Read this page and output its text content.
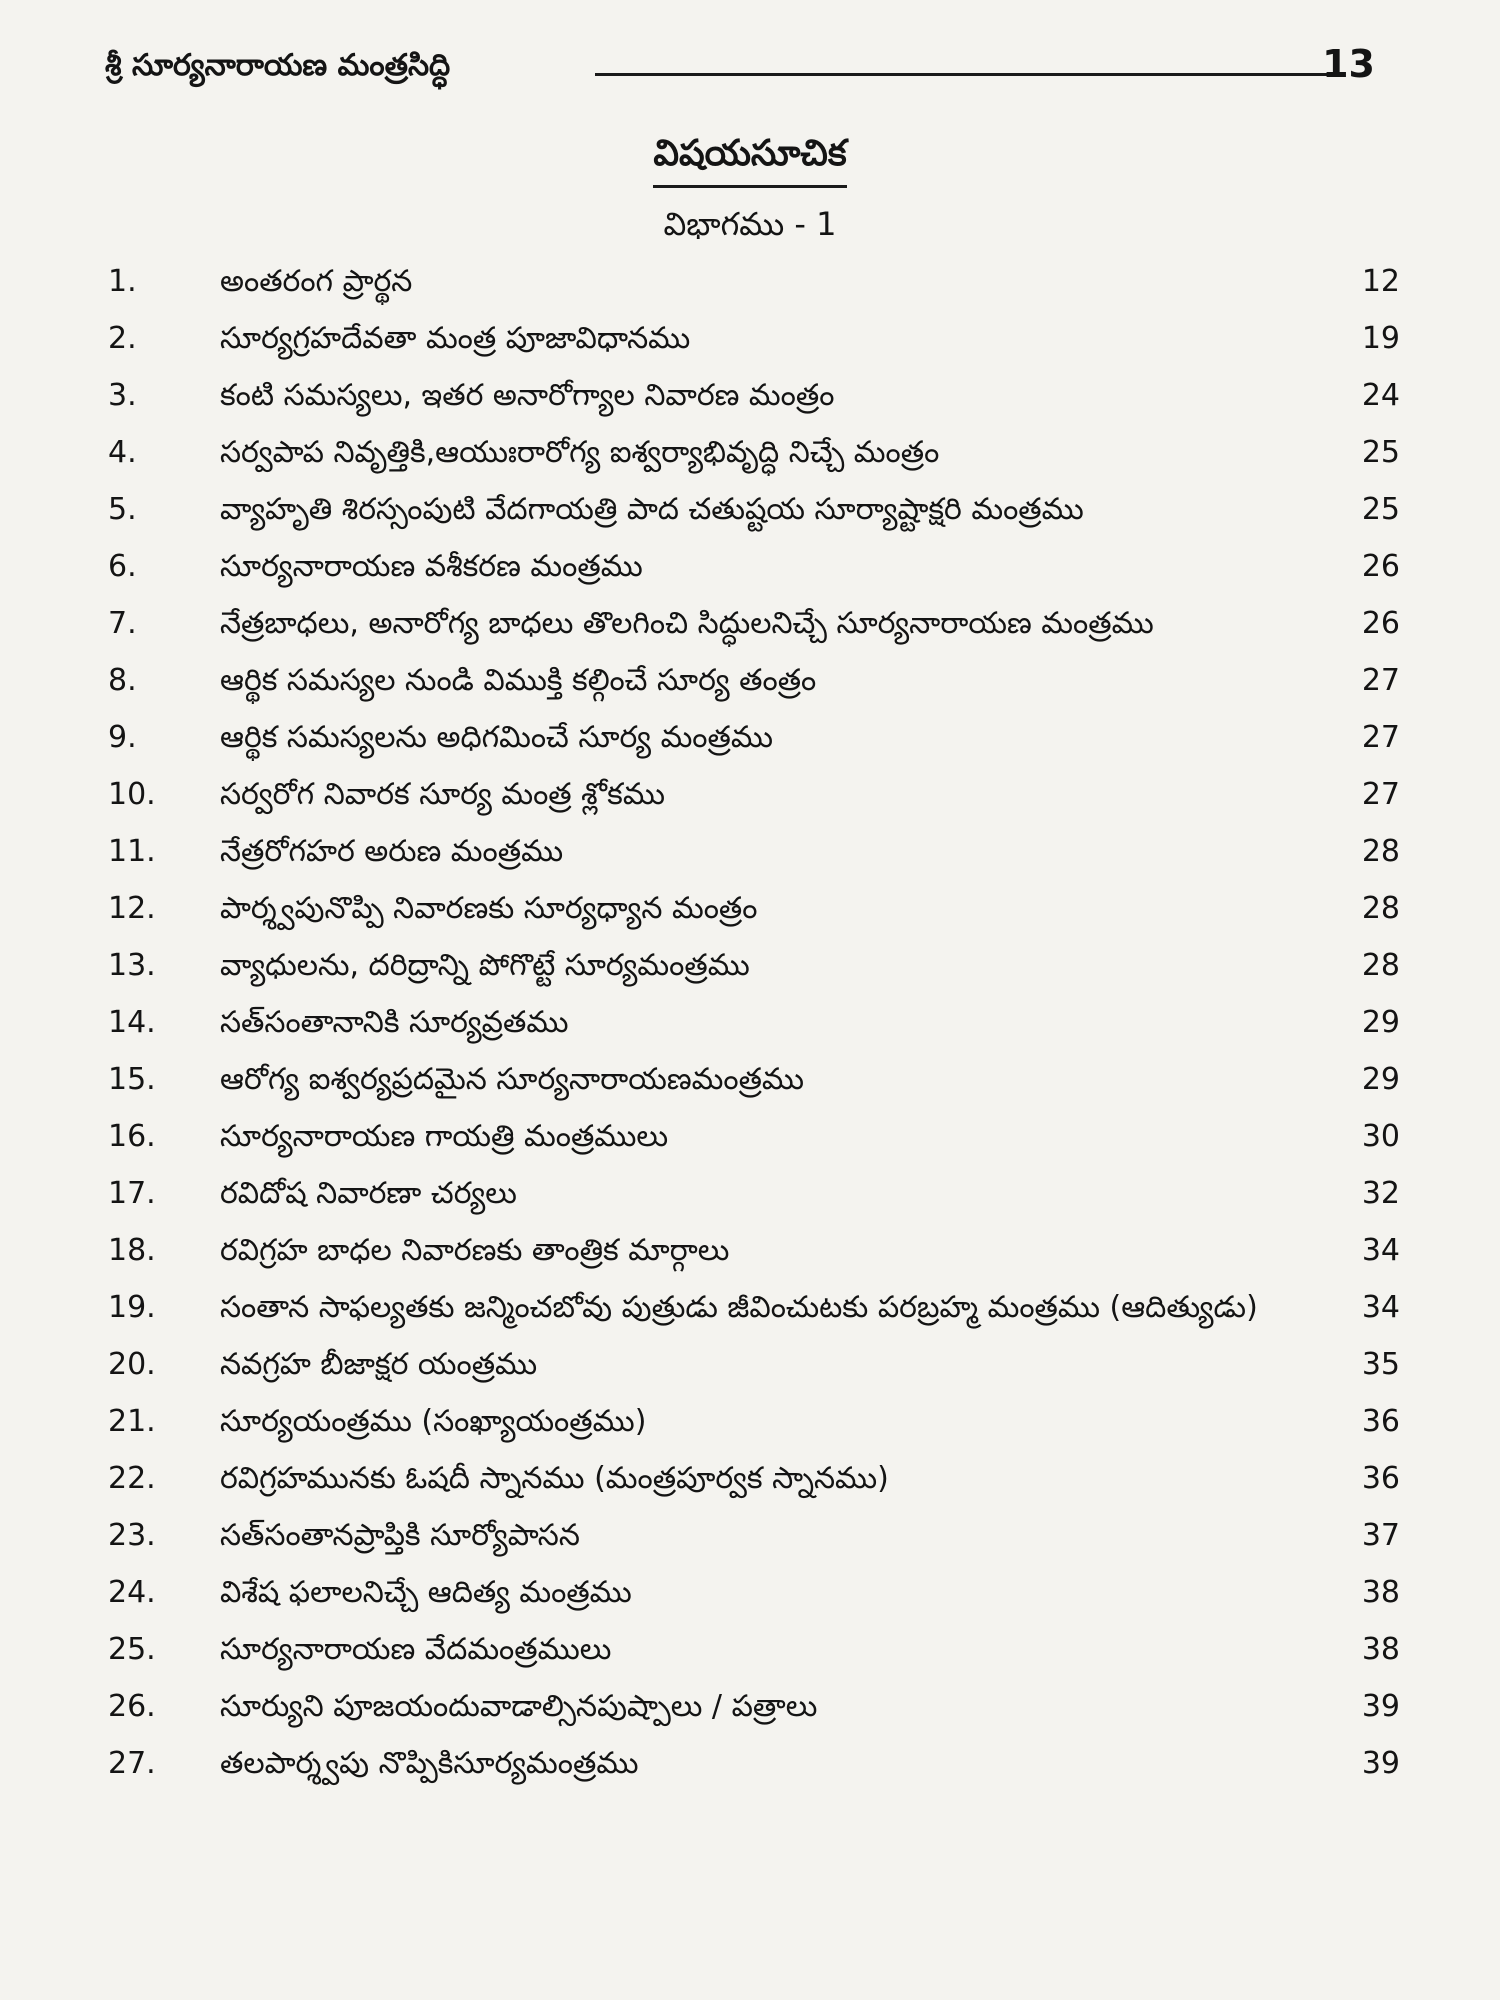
శ్రీ సూర్యనారాయణ మంత్రసిద్ధి	13
విషయసూచిక
విభాగము - 1
1.	అంతరంగ ప్రార్థన	12
2.	సూర్యగ్రహదేవతా మంత్ర పూజావిధానము	19
3.	కంటి సమస్యలు, ఇతర అనారోగ్యాల నివారణ మంత్రం	24
4.	సర్వపాప నివృత్తికి,ఆయుఃరారోగ్య ఐశ్వర్యాభివృద్ధి నిచ్చే మంత్రం	25
5.	వ్యాహృతి శిరస్సంపుటి వేదగాయత్రి పాద చతుష్టయ సూర్యాష్టాక్షరి మంత్రము	25
6.	సూర్యనారాయణ వశీకరణ మంత్రము	26
7.	నేత్రబాధలు, అనారోగ్య బాధలు తొలగించి సిద్ధులనిచ్చే సూర్యనారాయణ మంత్రము	26
8.	ఆర్థిక సమస్యల నుండి విముక్తి కల్గించే సూర్య తంత్రం	27
9.	ఆర్థిక సమస్యలను అధిగమించే సూర్య మంత్రము	27
10.	సర్వరోగ నివారక సూర్య మంత్ర శ్లోకము	27
11.	నేత్రరోగహర అరుణ మంత్రము	28
12.	పార్శ్వపునొప్పి నివారణకు సూర్యధ్యాన మంత్రం	28
13.	వ్యాధులను, దరిద్రాన్ని పోగొట్టే సూర్యమంత్రము	28
14.	సత్‌సంతానానికి సూర్యవ్రతము	29
15.	ఆరోగ్య ఐశ్వర్యప్రదమైన సూర్యనారాయణమంత్రము	29
16.	సూర్యనారాయణ గాయత్రి మంత్రములు	30
17.	రవిదోష నివారణా చర్యలు	32
18.	రవిగ్రహ బాధల నివారణకు తాంత్రిక మార్గాలు	34
19.	సంతాన సాఫల్యతకు జన్మించబోవు పుత్రుడు జీవించుటకు పరబ్రహ్మ మంత్రము (ఆదిత్యుడు)	34
20.	నవగ్రహ బీజాక్షర యంత్రము	35
21.	సూర్యయంత్రము (సంఖ్యాయంత్రము)	36
22.	రవిగ్రహమునకు ఓషదీ స్నానము (మంత్రపూర్వక స్నానము)	36
23.	సత్‌సంతానప్రాప్తికి సూర్యోపాసన	37
24.	విశేష ఫలాలనిచ్చే ఆదిత్య మంత్రము	38
25.	సూర్యనారాయణ వేదమంత్రములు	38
26.	సూర్యుని పూజయందువాడాల్సినపుష్పాలు / పత్రాలు	39
27.	తలపార్శ్వపు నొప్పికిసూర్యమంత్రము	39
